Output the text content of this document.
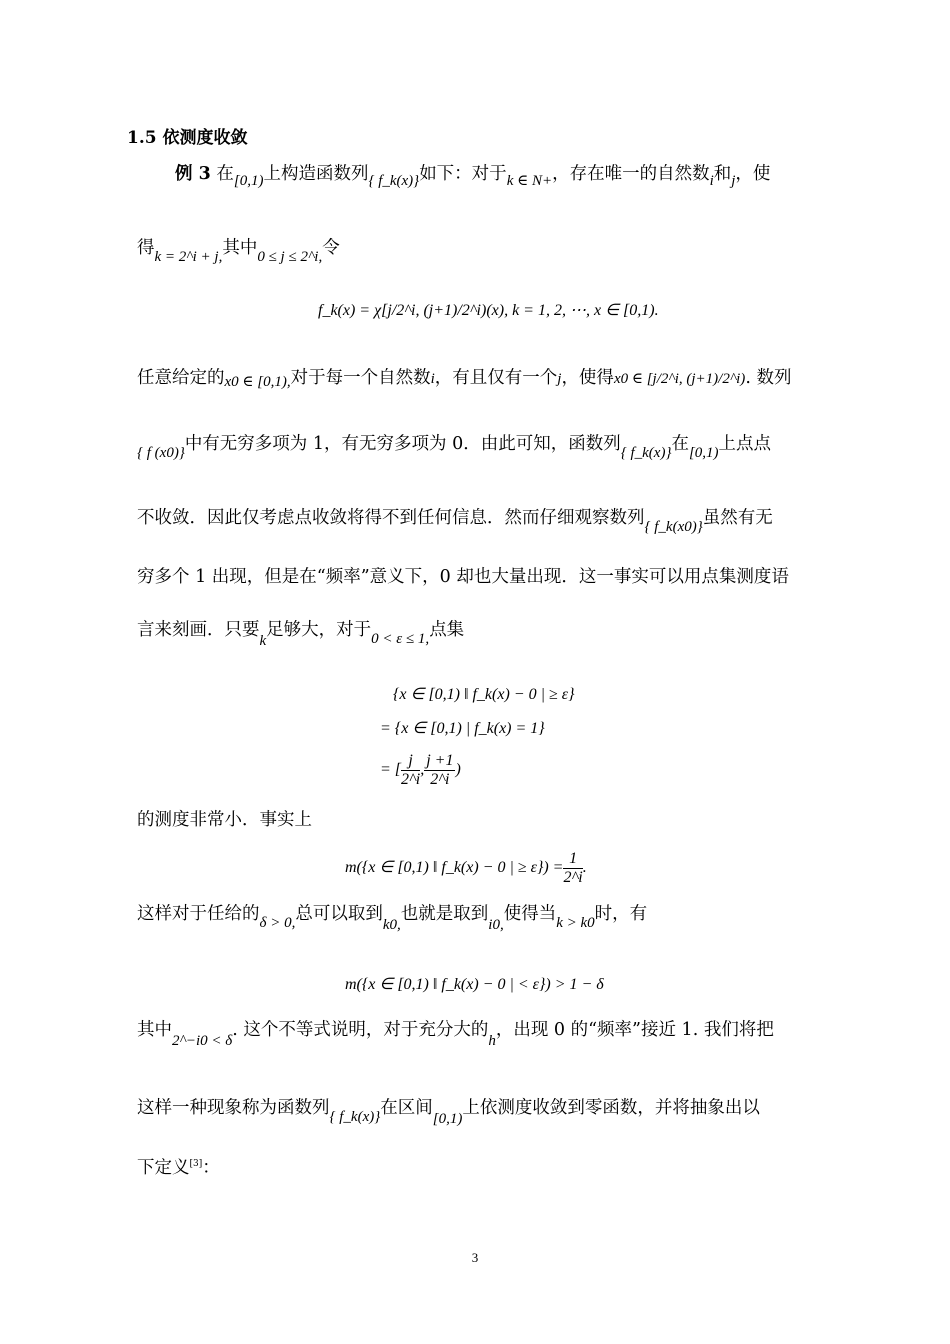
1.5 依测度收敛
例 3 在[0,1)上构造函数列{ f_k(x)}如下：对于k ∈ N+，存在唯一的自然数i和j，使
得k = 2^i + j,其中0 ≤ j ≤ 2^i,令
f_k(x) = χ[j/2^i, (j+1)/2^i)(x), k = 1, 2, ⋯, x ∈ [0,1).
任意给定的x0 ∈ [0,1),对于每一个自然数i，有且仅有一个j，使得x0 ∈ [j/2^i, (j+1)/2^i). 数列
{ f (x0)}中有无穷多项为 1，有无穷多项为 0．由此可知，函数列{ f_k(x)}在[0,1)上点点
不收敛．因此仅考虑点收敛将得不到任何信息．然而仔细观察数列{ f_k(x0)}虽然有无
穷多个 1 出现，但是在“频率”意义下，0 却也大量出现．这一事实可以用点集测度语
言来刻画．只要k足够大，对于0 < ε ≤ 1,点集
{x ∈ [0,1) ‖ f_k(x) − 0 | ≥ ε}
= {x ∈ [0,1) | f_k(x) = 1}
= [ $\frac{j}{2\^{}i}$ , $\frac{j +1}{2\^{}i}$ )
的测度非常小．事实上
m({x ∈ [0,1) ‖ f_k(x) − 0 | ≥ $\varepsilon\}) = \frac{1}{2\^{}i}$ .
这样对于任给的δ > 0,总可以取到k0,也就是取到i0,使得当k > k0时，有
m({x ∈ [0,1) ‖ f_k(x) − 0 | < ε}) > 1 − δ
其中2^−i0 < δ. 这个不等式说明，对于充分大的h，出现 0 的“频率”接近 1. 我们将把
这样一种现象称为函数列{ f_k(x)}在区间[0,1)上依测度收敛到零函数，并将抽象出以
下定义[3]：
3
